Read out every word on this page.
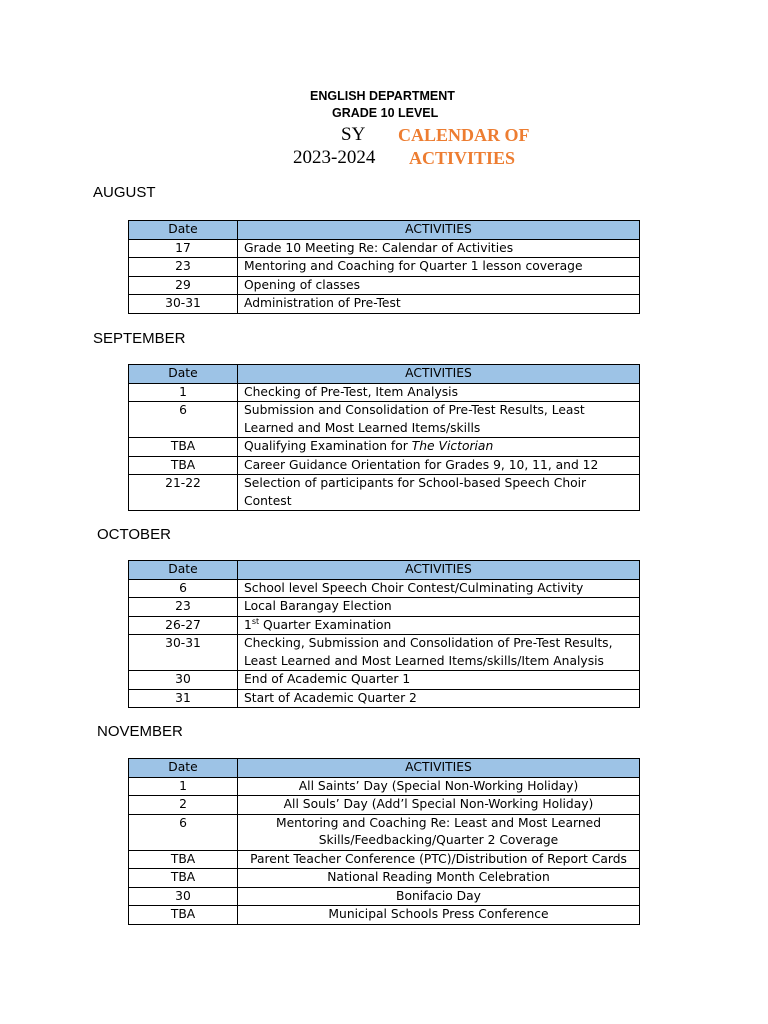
ENGLISH DEPARTMENT
GRADE 10 LEVEL
SY
2023-2024
CALENDAR OF
ACTIVITIES
AUGUST
Date	ACTIVITIES
17	Grade 10 Meeting Re: Calendar of Activities
23	Mentoring and Coaching for Quarter 1 lesson coverage
29	Opening of classes
30-31	Administration of Pre-Test
SEPTEMBER
Date	ACTIVITIES
1	Checking of Pre-Test, Item Analysis
6	Submission and Consolidation of Pre-Test Results, Least Learned and Most Learned Items/skills
TBA	Qualifying Examination for The Victorian
TBA	Career Guidance Orientation for Grades 9, 10, 11, and 12
21-22	Selection of participants for School-based Speech Choir Contest
OCTOBER
Date	ACTIVITIES
6	School level Speech Choir Contest/Culminating Activity
23	Local Barangay Election
26-27	1st Quarter Examination
30-31	Checking, Submission and Consolidation of Pre-Test Results, Least Learned and Most Learned Items/skills/Item Analysis
30	End of Academic Quarter 1
31	Start of Academic Quarter 2
NOVEMBER
Date	ACTIVITIES
1	All Saints’ Day (Special Non-Working Holiday)
2	All Souls’ Day (Add’l Special Non-Working Holiday)
6	Mentoring and Coaching Re: Least and Most Learned Skills/Feedbacking/Quarter 2 Coverage
TBA	Parent Teacher Conference (PTC)/Distribution of Report Cards
TBA	National Reading Month Celebration
30	Bonifacio Day
TBA	Municipal Schools Press Conference
